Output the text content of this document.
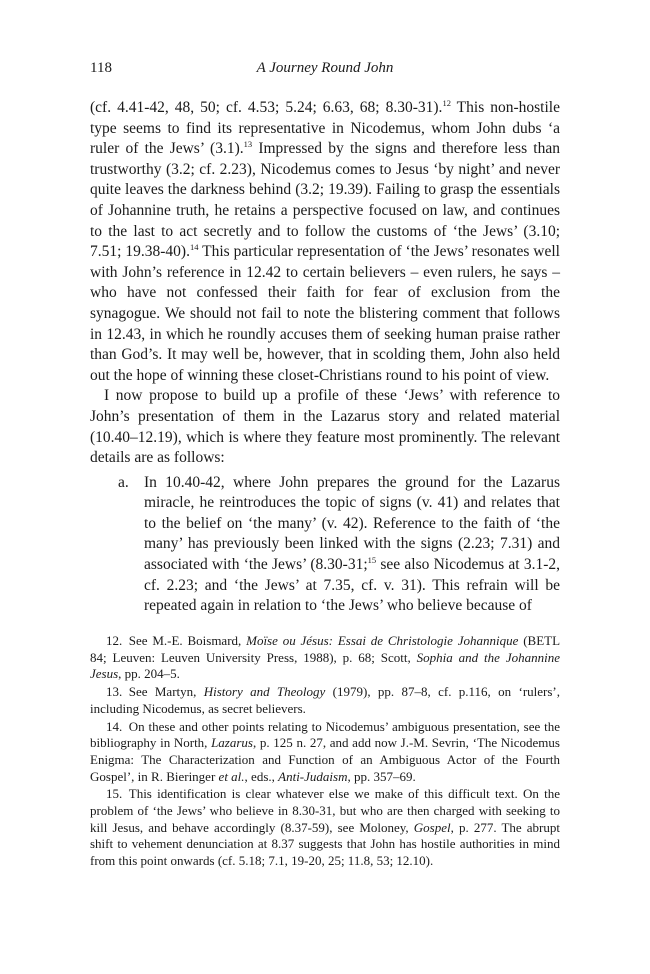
118	A Journey Round John

(cf. 4.41-42, 48, 50; cf. 4.53; 5.24; 6.63, 68; 8.30-31).$^{12}$ This non-hostile type seems to find its representative in Nicodemus, whom John dubs ‘a ruler of the Jews’ (3.1).$^{13}$ Impressed by the signs and therefore less than trustworthy (3.2; cf. 2.23), Nicodemus comes to Jesus ‘by night’ and never quite leaves the darkness behind (3.2; 19.39). Failing to grasp the essentials of Johannine truth, he retains a perspective focused on law, and continues to the last to act secretly and to follow the customs of ‘the Jews’ (3.10; 7.51; 19.38-40).$^{14}$ This particular representation of ‘the Jews’ resonates well with John’s reference in 12.42 to certain believers – even rulers, he says – who have not confessed their faith for fear of exclusion from the synagogue. We should not fail to note the blistering comment that follows in 12.43, in which he roundly accuses them of seeking human praise rather than God’s. It may well be, however, that in scolding them, John also held out the hope of winning these closet-Christians round to his point of view.

I now propose to build up a profile of these ‘Jews’ with reference to John’s presentation of them in the Lazarus story and related material (10.40–12.19), which is where they feature most prominently. The relevant details are as follows:

a. In 10.40-42, where John prepares the ground for the Lazarus miracle, he reintroduces the topic of signs (v. 41) and relates that to the belief on ‘the many’ (v. 42). Reference to the faith of ‘the many’ has previously been linked with the signs (2.23; 7.31) and associated with ‘the Jews’ (8.30-31;$^{15}$ see also Nicodemus at 3.1-2, cf. 2.23; and ‘the Jews’ at 7.35, cf. v. 31). This refrain will be repeated again in relation to ‘the Jews’ who believe because of

12.  See M.-E. Boismard, Moïse ou Jésus: Essai de Christologie Johannique (BETL 84; Leuven: Leuven University Press, 1988), p. 68; Scott, Sophia and the Johannine Jesus, pp. 204–5.

13.  See Martyn, History and Theology (1979), pp. 87–8, cf. p.116, on ‘rulers’, including Nicodemus, as secret believers.

14.  On these and other points relating to Nicodemus’ ambiguous presentation, see the bibliography in North, Lazarus, p. 125 n. 27, and add now J.-M. Sevrin, ‘The Nicodemus Enigma: The Characterization and Function of an Ambiguous Actor of the Fourth Gospel’, in R. Bieringer et al., eds., Anti-Judaism, pp. 357–69.

15.  This identification is clear whatever else we make of this difficult text. On the problem of ‘the Jews’ who believe in 8.30-31, but who are then charged with seeking to kill Jesus, and behave accordingly (8.37-59), see Moloney, Gospel, p. 277. The abrupt shift to vehement denunciation at 8.37 suggests that John has hostile authorities in mind from this point onwards (cf. 5.18; 7.1, 19-20, 25; 11.8, 53; 12.10).
